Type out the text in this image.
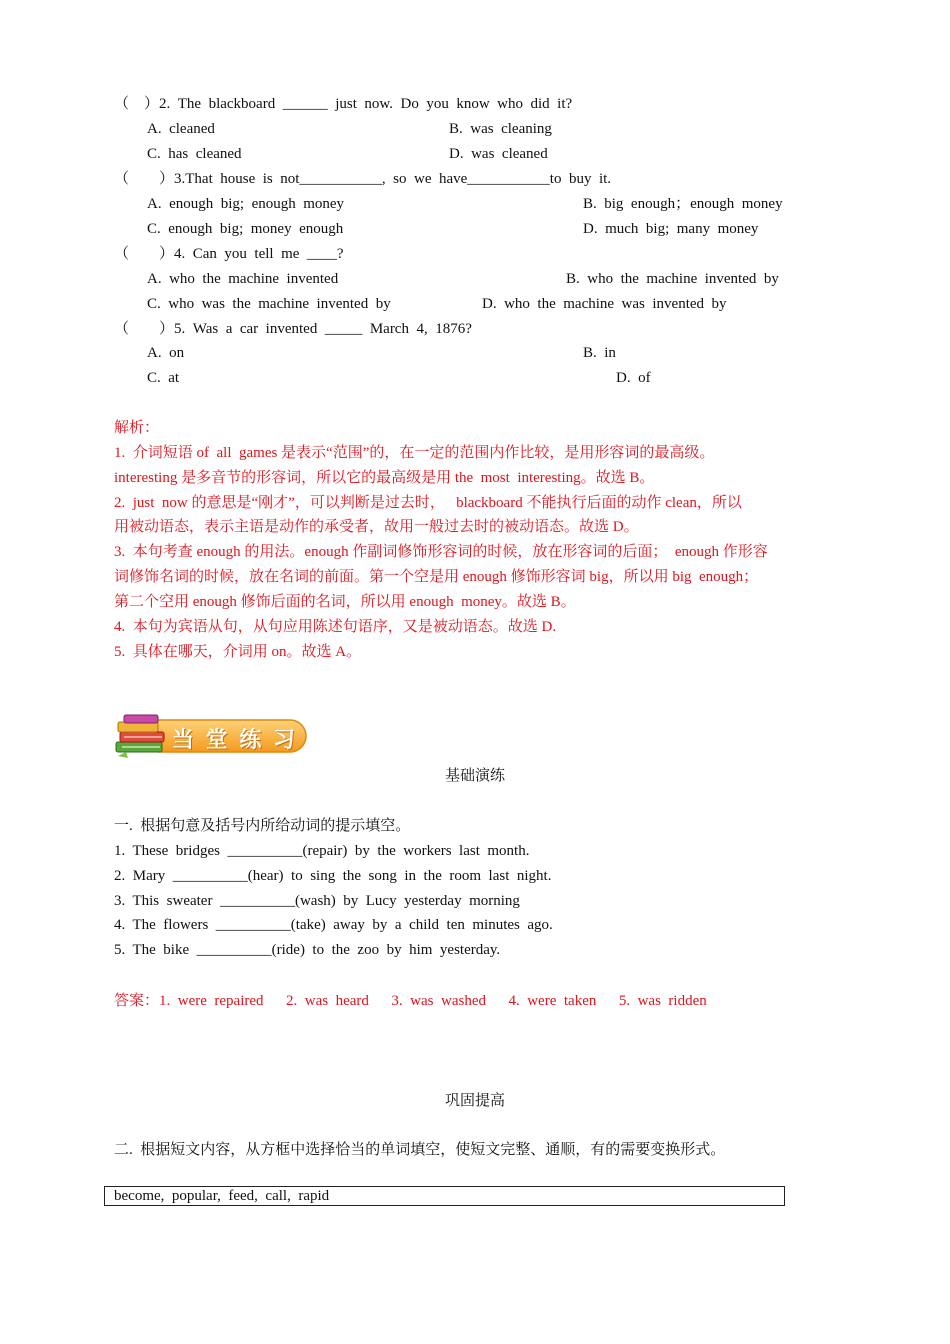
（    ）2.  The  blackboard  ______  just  now.  Do  you  know  who  did  it?
A.  cleaned	B.  was  cleaning
C.  has  cleaned	D.  was  cleaned
（        ）3.That  house  is  not___________,  so  we  have___________to  buy  it.
A.  enough  big;  enough  money	B.  big  enough；enough  money
C.  enough  big;  money  enough	D.  much  big;  many  money
（        ）4.  Can  you  tell  me  ____?
A.  who  the  machine  invented	B.  who  the  machine  invented  by
C.  who  was  the  machine  invented  by	D.  who  the  machine  was  invented  by
（        ）5.  Was  a  car  invented  _____  March  4,  1876?
A.  on	B.  in
C.  at	D.  of
解析：
1.  介词短语 of  all  games 是表示“范围”的，在一定的范围内作比较，是用形容词的最高级。
interesting 是多音节的形容词，所以它的最高级是用 the  most  interesting。故选 B。
2.  just  now 的意思是“刚才”，可以判断是过去时，   blackboard 不能执行后面的动作 clean，所以
用被动语态，表示主语是动作的承受者，故用一般过去时的被动语态。故选 D。
3.  本句考查 enough 的用法。enough 作副词修饰形容词的时候，放在形容词的后面；  enough 作形容
词修饰名词的时候，放在名词的前面。第一个空是用 enough 修饰形容词 big，所以用 big  enough；
第二个空用 enough 修饰后面的名词，所以用 enough  money。故选 B。
4.  本句为宾语从句，从句应用陈述句语序，又是被动语态。故选 D.
5.  具体在哪天，介词用 on。故选 A。
当 堂 练 习
基础演练
一.  根据句意及括号内所给动词的提示填空。
1.  These  bridges  __________(repair)  by  the  workers  last  month.
2.  Mary  __________(hear)  to  sing  the  song  in  the  room  last  night.
3.  This  sweater  __________(wash)  by  Lucy  yesterday  morning
4.  The  flowers  __________(take)  away  by  a  child  ten  minutes  ago.
5.  The  bike  __________(ride)  to  the  zoo  by  him  yesterday.
答案：1.  were  repaired      2.  was  heard      3.  was  washed      4.  were  taken      5.  was  ridden
巩固提高
二.  根据短文内容，从方框中选择恰当的单词填空，使短文完整、通顺，有的需要变换形式。
become,  popular,  feed,  call,  rapid
